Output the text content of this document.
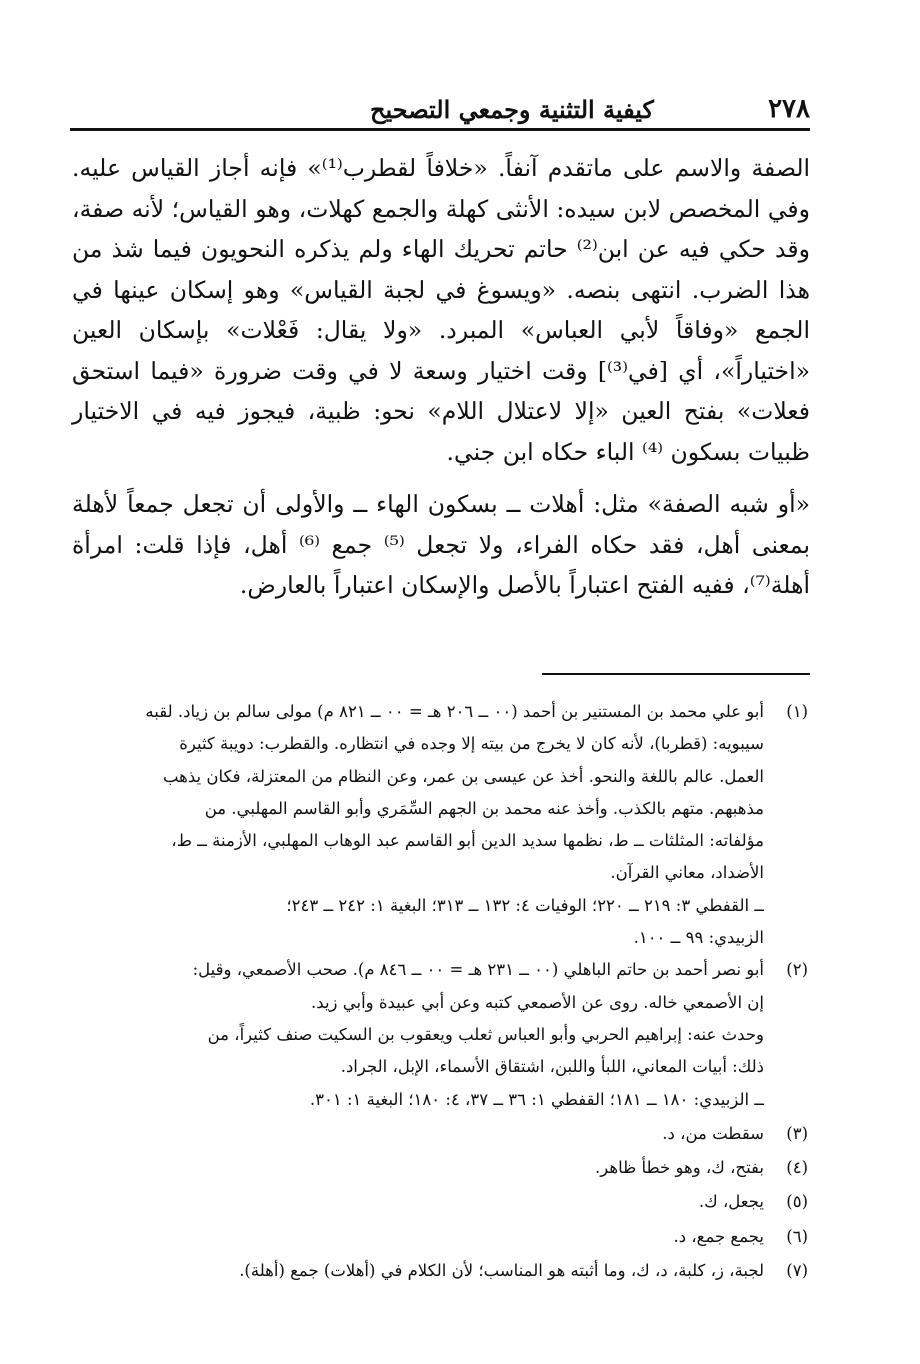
٢٧٨
كيفية التثنية وجمعي التصحيح

الصفة والاسم على ماتقدم آنفاً. «خلافاً لقطرب⁽¹⁾» فإنه أجاز القياس عليه. وفي المخصص لابن سيده: الأنثى كهلة والجمع كهلات، وهو القياس؛ لأنه صفة، وقد حكي فيه عن ابن⁽²⁾ حاتم تحريك الهاء ولم يذكره النحويون فيما شذ من هذا الضرب. انتهى بنصه. «ويسوغ في لجبة القياس» وهو إسكان عينها في الجمع «وفاقاً لأبي العباس» المبرد. «ولا يقال: فَعْلات» بإسكان العين «اختياراً»، أي [في⁽³⁾] وقت اختيار وسعة لا في وقت ضرورة «فيما استحق فعلات» بفتح العين «إلا لاعتلال اللام» نحو: ظبية، فيجوز فيه في الاختيار ظبيات بسكون ⁽⁴⁾ الباء حكاه ابن جني.

«أو شبه الصفة» مثل: أهلات ــ بسكون الهاء ــ والأولى أن تجعل جمعاً لأهلة بمعنى أهل، فقد حكاه الفراء، ولا تجعل ⁽⁵⁾ جمع ⁽⁶⁾ أهل، فإذا قلت: امرأة أهلة⁽⁷⁾، ففيه الفتح اعتباراً بالأصل والإسكان اعتباراً بالعارض.

(١)
أبو علي محمد بن المستنير بن أحمد (٠٠ ــ ٢٠٦ هـ = ٠٠ ــ ٨٢١ م) مولى سالم بن زياد. لقبه
سيبويه: (قطربا)، لأنه كان لا يخرج من بيته إلا وجده في انتظاره. والقطرب: دويبة كثيرة
العمل. عالم باللغة والنحو. أخذ عن عيسى بن عمر، وعن النظام من المعتزلة، فكان يذهب
مذهبهم. متهم بالكذب. وأخذ عنه محمد بن الجهم السِّمَري وأبو القاسم المهلبي. من
مؤلفاته: المثلثات ــ ط، نظمها سديد الدين أبو القاسم عبد الوهاب المهلبي، الأزمنة ــ ط،
الأضداد، معاني القرآن.
ــ القفطي ٣: ٢١٩ ــ ٢٢٠؛ الوفيات ٤: ١٣٢ ــ ٣١٣؛ البغية ١: ٢٤٢ ــ ٢٤٣؛
الزبيدي: ٩٩ ــ ١٠٠.
(٢)
أبو نصر أحمد بن حاتم الباهلي (٠٠ ــ ٢٣١ هـ = ٠٠ ــ ٨٤٦ م). صحب الأصمعي، وقيل:
إن الأصمعي خاله. روى عن الأصمعي كتبه وعن أبي عبيدة وأبي زيد.
وحدث عنه: إبراهيم الحربي وأبو العباس ثعلب ويعقوب بن السكيت صنف كثيراً، من
ذلك: أبيات المعاني، اللبأ واللبن، اشتقاق الأسماء، الإبل، الجراد.
ــ الزبيدي: ١٨٠ ــ ١٨١؛ القفطي ١: ٣٦ ــ ٣٧، ٤: ١٨٠؛ البغية ١: ٣٠١.
(٣)
سقطت من، د.
(٤)
بفتح، ك، وهو خطأ ظاهر.
(٥)
يجعل، ك.
(٦)
يجمع جمع، د.
(٧)
لجبة، ز، كلبة، د، ك، وما أثبته هو المناسب؛ لأن الكلام في (أهلات) جمع (أهلة).
